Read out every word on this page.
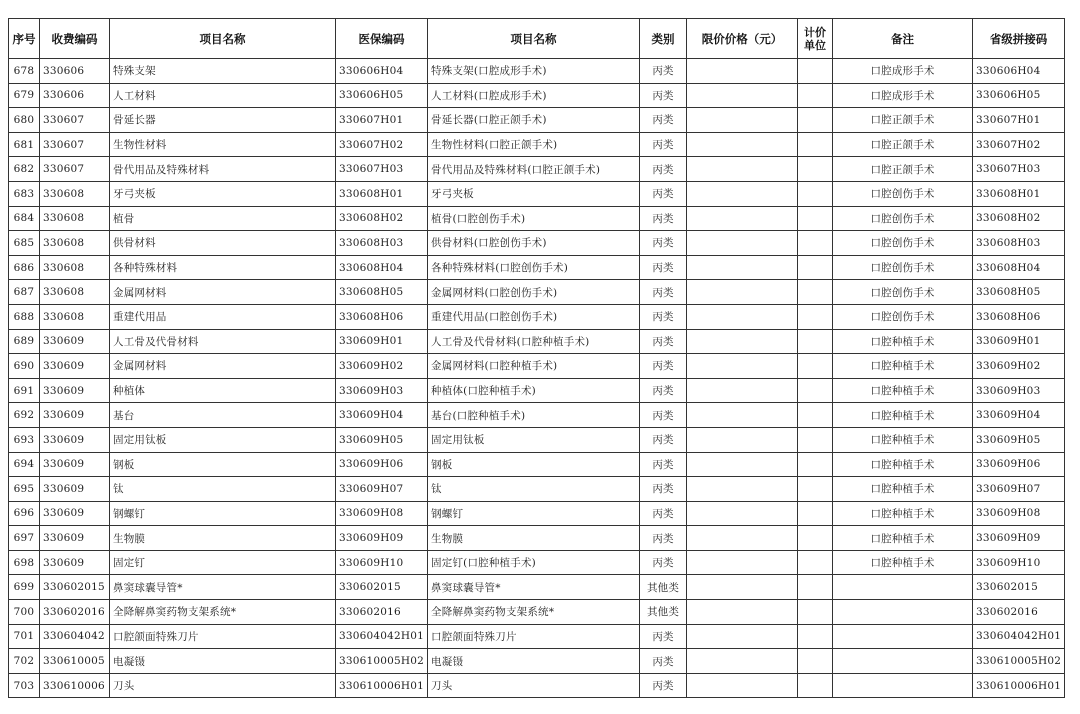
序号	收费编码	项目名称	医保编码	项目名称	类别	限价价格（元）	计价单位	备注	省级拼接码
678	330606	特殊支架	330606H04	特殊支架(口腔成形手术)	丙类			口腔成形手术	330606H04
679	330606	人工材料	330606H05	人工材料(口腔成形手术)	丙类			口腔成形手术	330606H05
680	330607	骨延长器	330607H01	骨延长器(口腔正颌手术)	丙类			口腔正颌手术	330607H01
681	330607	生物性材料	330607H02	生物性材料(口腔正颌手术)	丙类			口腔正颌手术	330607H02
682	330607	骨代用品及特殊材料	330607H03	骨代用品及特殊材料(口腔正颌手术)	丙类			口腔正颌手术	330607H03
683	330608	牙弓夹板	330608H01	牙弓夹板	丙类			口腔创伤手术	330608H01
684	330608	植骨	330608H02	植骨(口腔创伤手术)	丙类			口腔创伤手术	330608H02
685	330608	供骨材料	330608H03	供骨材料(口腔创伤手术)	丙类			口腔创伤手术	330608H03
686	330608	各种特殊材料	330608H04	各种特殊材料(口腔创伤手术)	丙类			口腔创伤手术	330608H04
687	330608	金属网材料	330608H05	金属网材料(口腔创伤手术)	丙类			口腔创伤手术	330608H05
688	330608	重建代用品	330608H06	重建代用品(口腔创伤手术)	丙类			口腔创伤手术	330608H06
689	330609	人工骨及代骨材料	330609H01	人工骨及代骨材料(口腔种植手术)	丙类			口腔种植手术	330609H01
690	330609	金属网材料	330609H02	金属网材料(口腔种植手术)	丙类			口腔种植手术	330609H02
691	330609	种植体	330609H03	种植体(口腔种植手术)	丙类			口腔种植手术	330609H03
692	330609	基台	330609H04	基台(口腔种植手术)	丙类			口腔种植手术	330609H04
693	330609	固定用钛板	330609H05	固定用钛板	丙类			口腔种植手术	330609H05
694	330609	钢板	330609H06	钢板	丙类			口腔种植手术	330609H06
695	330609	钛	330609H07	钛	丙类			口腔种植手术	330609H07
696	330609	钢螺钉	330609H08	钢螺钉	丙类			口腔种植手术	330609H08
697	330609	生物膜	330609H09	生物膜	丙类			口腔种植手术	330609H09
698	330609	固定钉	330609H10	固定钉(口腔种植手术)	丙类			口腔种植手术	330609H10
699	330602015	鼻窦球囊导管*	330602015	鼻窦球囊导管*	其他类				330602015
700	330602016	全降解鼻窦药物支架系统*	330602016	全降解鼻窦药物支架系统*	其他类				330602016
701	330604042	口腔颌面特殊刀片	330604042H01	口腔颌面特殊刀片	丙类				330604042H01
702	330610005	电凝镊	330610005H02	电凝镊	丙类				330610005H02
703	330610006	刀头	330610006H01	刀头	丙类				330610006H01
